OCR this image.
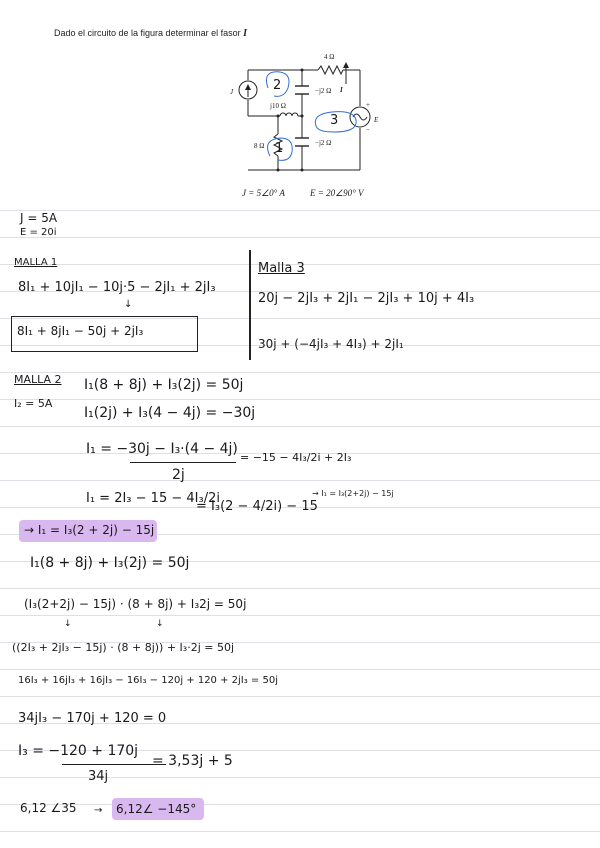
Dado el circuito de la figura determinar el fasor I
4 Ω
−j2 Ω
j10 Ω
−j2 Ω
8 Ω
J	I
E
+
−
2
1
3
J = 5∠0° A	E = 20∠90° V
J = 5A
E = 20i
MALLA 1
8I₁ + 10jI₁ − 10j·5 − 2jI₁ + 2jI₃
↓
8I₁ + 8jI₁ − 50j + 2jI₃
Malla 3
20j − 2jI₃ + 2jI₁ − 2jI₃ + 10j + 4I₃
30j + (−4jI₃ + 4I₃) + 2jI₁
MALLA 2
I₂ = 5A
I₁(8 + 8j) + I₃(2j) = 50j
I₁(2j) + I₃(4 − 4j) = −30j
I₁ = −30j − I₃·(4 − 4j)
2j
= −15 − 4I₃/2i + 2I₃
I₁ = 2I₃ − 15 − 4I₃/2i
= I₃(2 − 4/2i) − 15
→ I₁ = I₃(2+2j) − 15j
→ I₁ = I₃(2 + 2j) − 15j
I₁(8 + 8j) + I₃(2j) = 50j
(I₃(2+2j) − 15j) · (8 + 8j) + I₃2j = 50j
↓	↓
((2I₃ + 2jI₃ − 15j) · (8 + 8j)) + I₃·2j = 50j
16I₃ + 16jI₃ + 16jI₃ − 16I₃ − 120j + 120 + 2jI₃ = 50j
34jI₃ − 170j + 120 = 0
I₃ = −120 + 170j
34j
= 3,53j + 5
6,12 ∠35 → 6,12∠ −145°
